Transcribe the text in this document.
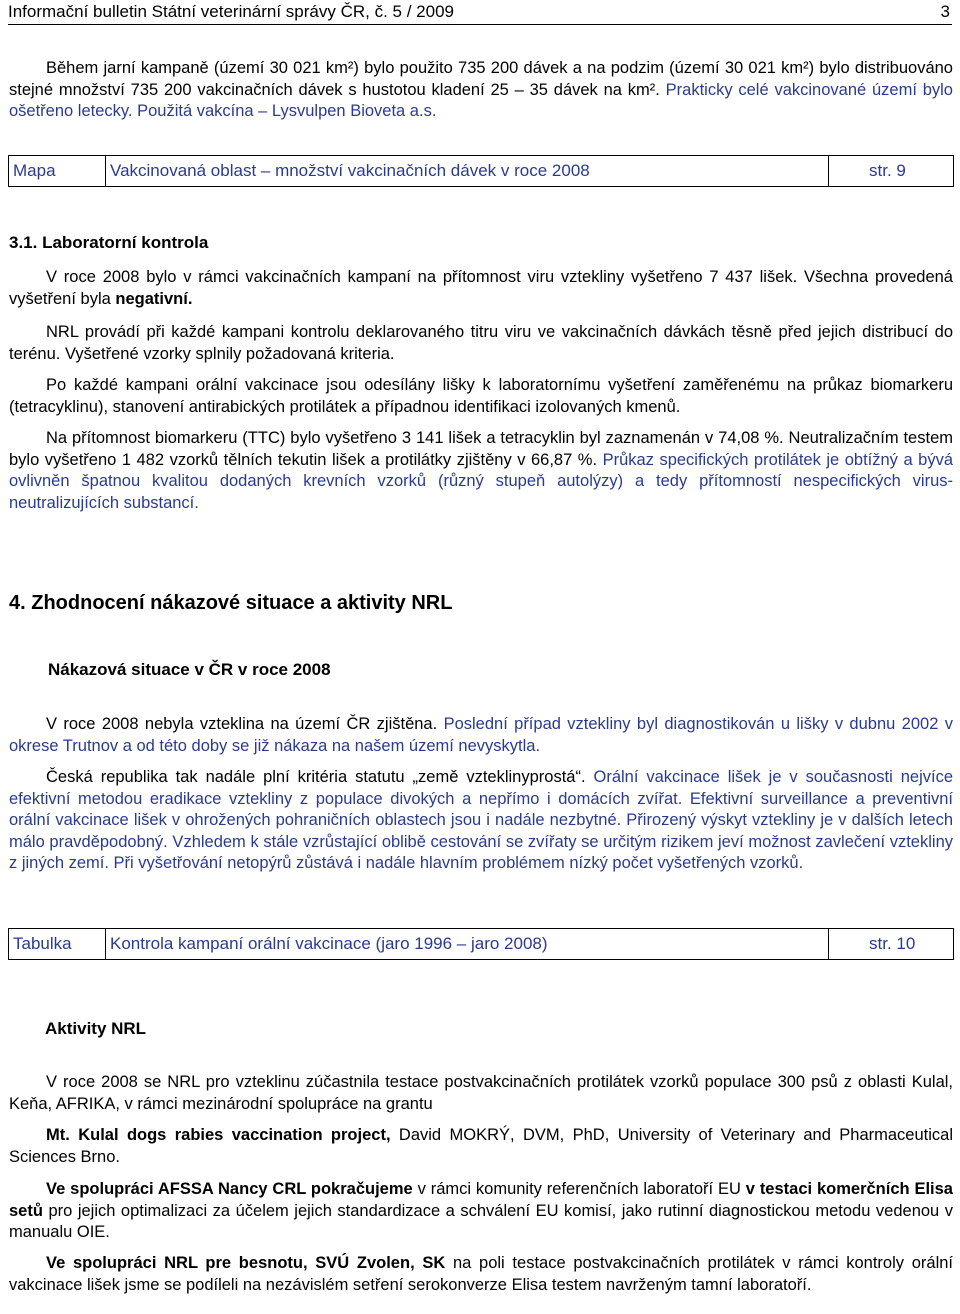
Informační bulletin Státní veterinární správy ČR, č. 5 / 2009	3

Během jarní kampaně (území 30 021 km²) bylo použito 735 200 dávek a na podzim (území 30 021 km²) bylo distribuováno stejné množství 735 200 vakcinačních dávek s hustotou kladení 25 – 35 dávek na km². Prakticky celé vakcinované území bylo ošetřeno letecky. Použitá vakcína – Lysvulpen Bioveta a.s.

Mapa	Vakcinovaná oblast – množství vakcinačních dávek v roce 2008	str. 9
3.1. Laboratorní kontrola

V roce 2008 bylo v rámci vakcinačních kampaní na přítomnost viru vztekliny vyšetřeno 7 437 lišek. Všechna provedená vyšetření byla negativní.

NRL provádí při každé kampani kontrolu deklarovaného titru viru ve vakcinačních dávkách těsně před jejich distribucí do terénu. Vyšetřené vzorky splnily požadovaná kriteria.

Po každé kampani orální vakcinace jsou odesílány lišky k laboratornímu vyšetření zaměřenému na průkaz biomarkeru (tetracyklinu), stanovení antirabických protilátek a případnou identifikaci izolovaných kmenů.

Na přítomnost biomarkeru (TTC) bylo vyšetřeno 3 141 lišek a tetracyklin byl zaznamenán v 74,08 %. Neutralizačním testem bylo vyšetřeno 1 482 vzorků tělních tekutin lišek a protilátky zjištěny v 66,87 %. Průkaz specifických protilátek je obtížný a bývá ovlivněn špatnou kvalitou dodaných krevních vzorků (různý stupeň autolýzy) a tedy přítomností nespecifických virus-neutralizujících substancí.

4. Zhodnocení nákazové situace a aktivity NRL
Nákazová situace v ČR v roce 2008

V roce 2008 nebyla vzteklina na území ČR zjištěna. Poslední případ vztekliny byl diagnostikován u lišky v dubnu 2002 v okrese Trutnov a od této doby se již nákaza na našem území nevyskytla.

Česká republika tak nadále plní kritéria statutu „země vzteklinyprostá“. Orální vakcinace lišek je v současnosti nejvíce efektivní metodou eradikace vztekliny z populace divokých a nepřímo i domácích zvířat. Efektivní surveillance a preventivní orální vakcinace lišek v ohrožených pohraničních oblastech jsou i nadále nezbytné. Přirozený výskyt vztekliny je v dalších letech málo pravděpodobný. Vzhledem k stále vzrůstající oblibě cestování se zvířaty se určitým rizikem jeví možnost zavlečení vztekliny z jiných zemí. Při vyšetřování netopýrů zůstává i nadále hlavním problémem nízký počet vyšetřených vzorků.

Tabulka	Kontrola kampaní orální vakcinace (jaro 1996 – jaro 2008)	str. 10
Aktivity NRL

V roce 2008 se NRL pro vzteklinu zúčastnila testace postvakcinačních protilátek vzorků populace 300 psů z oblasti Kulal, Keňa, AFRIKA, v rámci mezinárodní spolupráce na grantu

Mt. Kulal dogs rabies vaccination project, David MOKRÝ, DVM, PhD, University of Veterinary and Pharmaceutical Sciences Brno.

Ve spolupráci AFSSA Nancy CRL pokračujeme v rámci komunity referenčních laboratoří EU v testaci komerčních Elisa setů pro jejich optimalizaci za účelem jejich standardizace a schválení EU komisí, jako rutinní diagnostickou metodu vedenou v manualu OIE.

Ve spolupráci NRL pre besnotu, SVÚ Zvolen, SK na poli testace postvakcinačních protilátek v rámci kontroly orální vakcinace lišek jsme se podíleli na nezávislém setření serokonverze Elisa testem navrženým tamní laboratoří.
